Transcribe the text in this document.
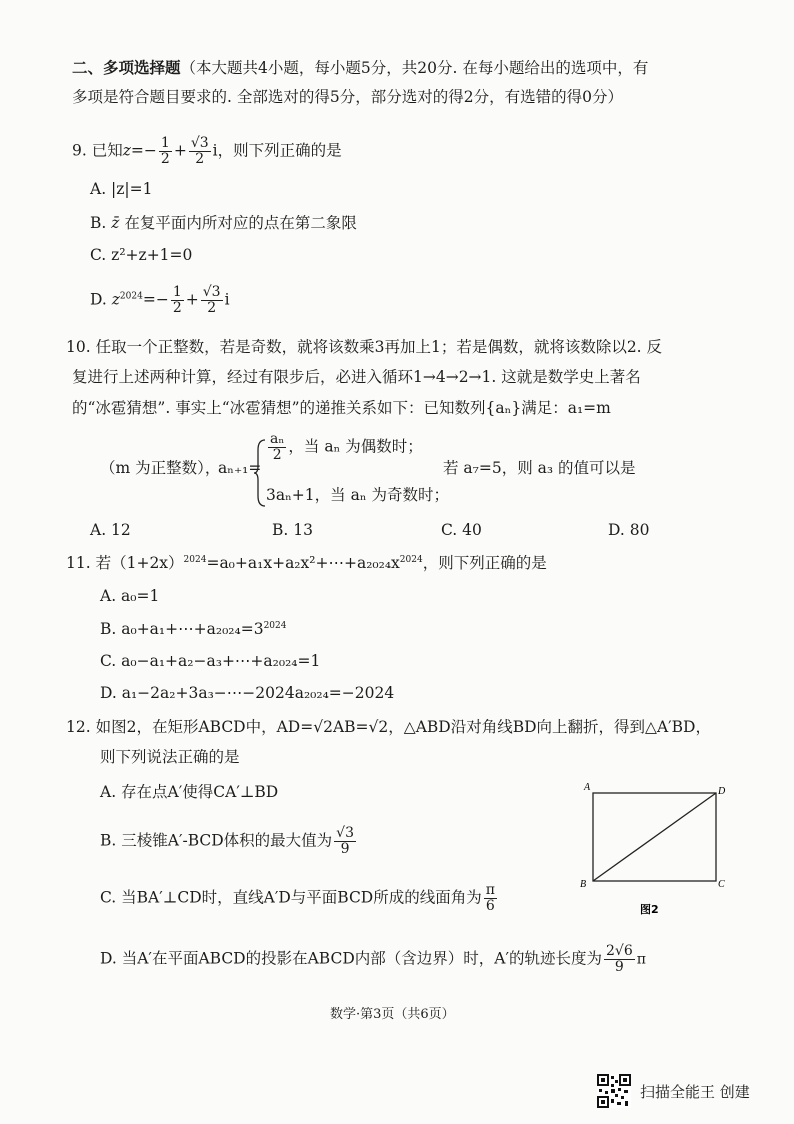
二、多项选择题（本大题共4小题，每小题5分，共20分. 在每小题给出的选项中，有
多项是符合题目要求的. 全部选对的得5分，部分选对的得2分，有选错的得0分）
9. 已知$z=- \frac{1}{2} + \frac{√3}{2}$ i，则下列正确的是
A. |z|=1
B. z̄ 在复平面内所对应的点在第二象限
C. z²+z+1=0
D. $z^{2024}=- \frac{1}{2} + \frac{√3}{2}$ i
10. 任取一个正整数，若是奇数，就将该数乘3再加上1；若是偶数，就将该数除以2. 反
复进行上述两种计算，经过有限步后，必进入循环1→4→2→1. 这就是数学史上著名
的“冰雹猜想”. 事实上“冰雹猜想”的递推关系如下：已知数列{aₙ}满足：a₁=m
（m 为正整数），
aₙ₊₁=
$\frac{\text{aₙ}}{2}$ ，当 aₙ 为偶数时；
3aₙ+1，当 aₙ 为奇数时；
若 a₇=5，则 a₃ 的值可以是
A. 12	B. 13	C. 40	D. 80
11. 若$(1+2x)^{2024}=a_0+a_1x+a_2x^2+\cdots+a_{2024}x^{2024}$，则下列正确的是
A. a₀=1
B. $a_0+a_1+\cdots+a_{2024}=3^{2024}$
C. a₀−a₁+a₂−a₃+⋯+a₂₀₂₄=1
D. a₁−2a₂+3a₃−⋯−2024a₂₀₂₄=−2024
12. 如图2，在矩形ABCD中，AD=√2AB=√2，△ABD沿对角线BD向上翻折，得到△A′BD，
则下列说法正确的是
A. 存在点A′使得CA′⊥BD
B. 三棱锥A′-BCD体积的最大值为 $\frac{√3}{9}$
C. 当BA′⊥CD时，直线A′D与平面BCD所成的线面角为 $\frac{\pi}{6}$
D. 当A′在平面ABCD的投影在ABCD内部（含边界）时，A′的轨迹长度为 $\frac{2√6}{9}$ π
A	D
B	C
图2
数学·第3页（共6页）
扫描全能王 创建
